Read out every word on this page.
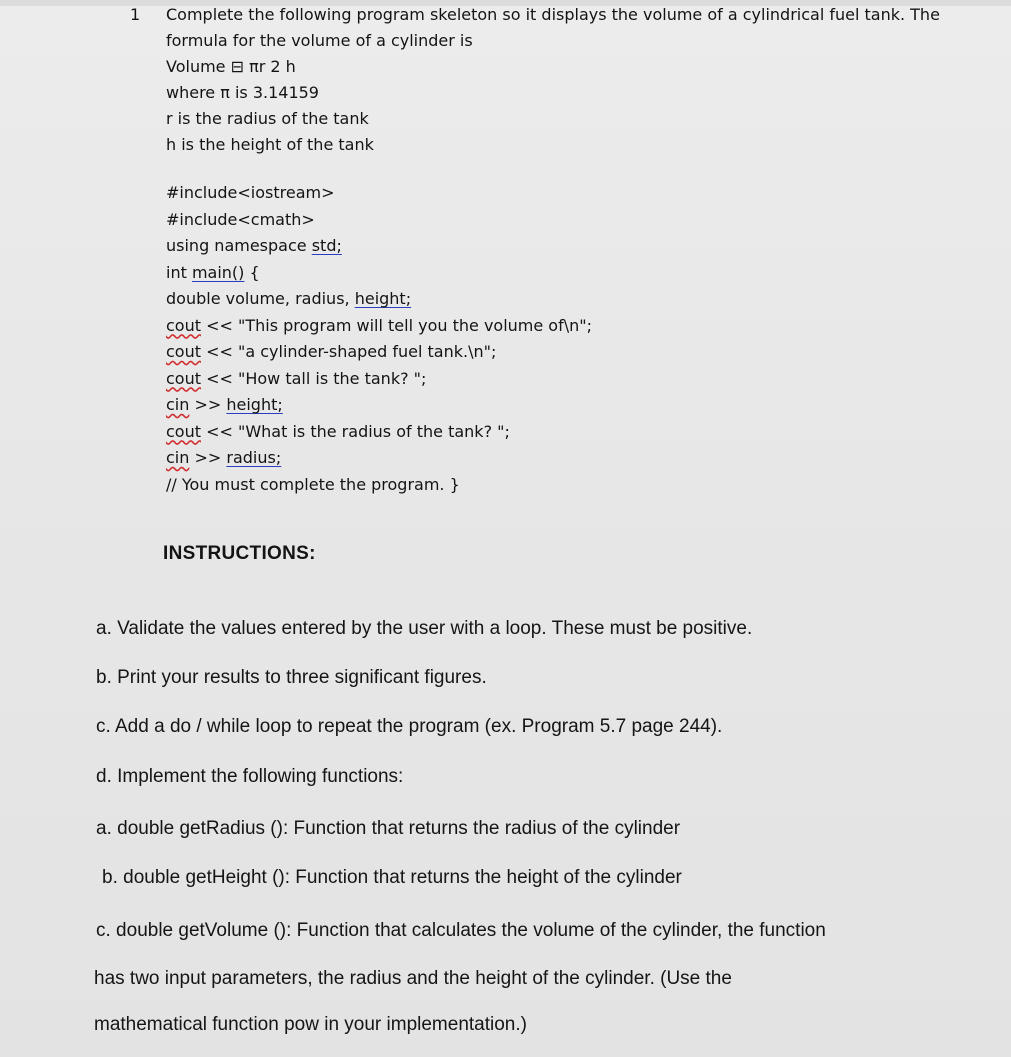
1 Complete the following program skeleton so it displays the volume of a cylindrical fuel tank. The
formula for the volume of a cylinder is
Volume ⊟ πr 2 h
where π is 3.14159
r is the radius of the tank
h is the height of the tank
#include<iostream>
#include<cmath>
using namespace std;
int main() {
double volume, radius, height;
cout << "This program will tell you the volume of\n";
cout << "a cylinder-shaped fuel tank.\n";
cout << "How tall is the tank? ";
cin >> height;
cout << "What is the radius of the tank? ";
cin >> radius;
// You must complete the program. }
INSTRUCTIONS:
a. Validate the values entered by the user with a loop. These must be positive.
b. Print your results to three significant figures.
c. Add a do / while loop to repeat the program (ex. Program 5.7 page 244).
d. Implement the following functions:
a. double getRadius (): Function that returns the radius of the cylinder
b. double getHeight (): Function that returns the height of the cylinder
c. double getVolume (): Function that calculates the volume of the cylinder, the function
has two input parameters, the radius and the height of the cylinder. (Use the
mathematical function pow in your implementation.)
